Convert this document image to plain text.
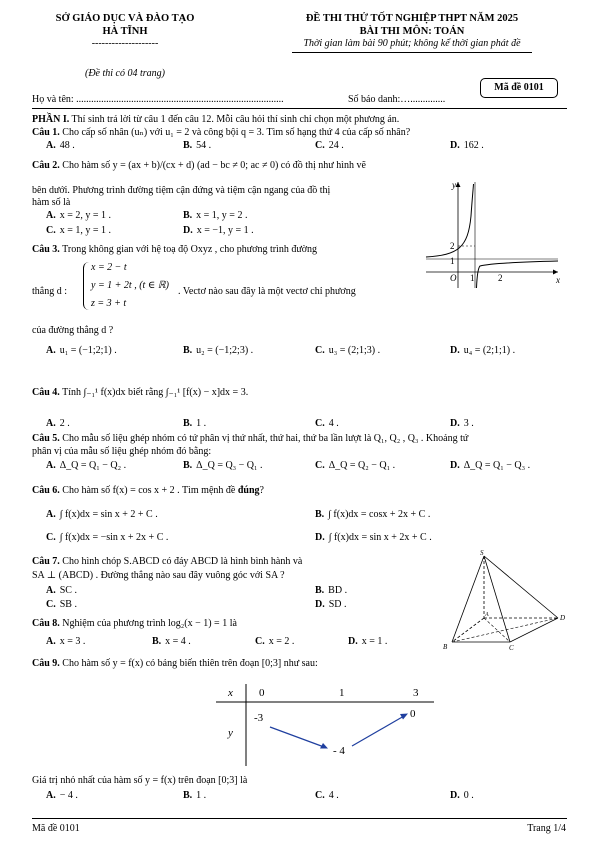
SỞ GIÁO DỤC VÀ ĐÀO TẠO
HÀ TĨNH
--------------------
(Đề thi có 04 trang)
ĐỀ THI THỬ TỐT NGHIỆP THPT NĂM 2025
BÀI THI MÔN: TOÁN
Thời gian làm bài 90 phút; không kể thời gian phát đề
Mã đề 0101
Họ và tên: ...................................................................................	Số báo danh:…..............
PHẦN I. Thí sinh trả lời từ câu 1 đến câu 12. Mỗi câu hỏi thí sinh chỉ chọn một phương án.
Câu 1. Cho cấp số nhân (uₙ) với u₁ = 2 và công bội q = 3. Tìm số hạng thứ 4 của cấp số nhân?
A. 48 .	B. 54 .	C. 24 .	D. 162 .
Câu 2. Cho hàm số y = (ax + b)/(cx + d) (ad − bc ≠ 0; ac ≠ 0) có đồ thị như hình vẽ
bên dưới. Phương trình đường tiệm cận đứng và tiệm cận ngang của đồ thị
hàm số là
A. x = 2, y = 1 .	B. x = 1, y = 2 .
C. x = 1, y = 1 .	D. x = −1, y = 1 .
y
x
2
1
O 1	2
Câu 3. Trong không gian với hệ toạ độ Oxyz , cho phương trình đường
thẳng d :
x = 2 − t
y = 1 + 2t , (t ∈ ℝ)
z = 3 + t
. Vectơ nào sau đây là một vectơ chỉ phương
của đường thẳng d ?
A. u₁ = (−1;2;1) .	B. u₂ = (−1;2;3) .	C. u₃ = (2;1;3) .	D. u₄ = (2;1;1) .
Câu 4. Tính ∫₋₁¹ f(x)dx biết rằng ∫₋₁¹ [f(x) − x]dx = 3.
A. 2 .	B. 1 .	C. 4 .	D. 3 .
Câu 5. Cho mẫu số liệu ghép nhóm có tứ phân vị thứ nhất, thứ hai, thứ ba lần lượt là Q₁, Q₂ , Q₃ . Khoảng tứ
phân vị của mẫu số liệu ghép nhóm đó bằng:
A. Δ_Q = Q₁ − Q₂ .	B. Δ_Q = Q₃ − Q₁ .	C. Δ_Q = Q₂ − Q₁ .	D. Δ_Q = Q₁ − Q₃ .
Câu 6. Cho hàm số f(x) = cos x + 2 . Tìm mệnh đề đúng?
A. ∫ f(x)dx = sin x + 2 + C .	B. ∫ f(x)dx = cosx + 2x + C .
C. ∫ f(x)dx = −sin x + 2x + C .	D. ∫ f(x)dx = sin x + 2x + C .
Câu 7. Cho hình chóp S.ABCD có đáy ABCD là hình bình hành và
SA ⊥ (ABCD) . Đường thẳng nào sau đây vuông góc với SA ?
A. SC .	B. BD .
C. SB .	D. SD .
S
A
B	C
D
Câu 8. Nghiệm của phương trình log₂(x − 1) = 1 là
A. x = 3 .	B. x = 4 .	C. x = 2 .	D. x = 1 .
Câu 9. Cho hàm số y = f(x) có bảng biến thiên trên đoạn [0;3] như sau:
x
y
0	1	3
-3
- 4
0
Giá trị nhỏ nhất của hàm số y = f(x) trên đoạn [0;3] là
A. − 4 .	B. 1 .	C. 4 .	D. 0 .
Mã đề 0101	Trang 1/4
